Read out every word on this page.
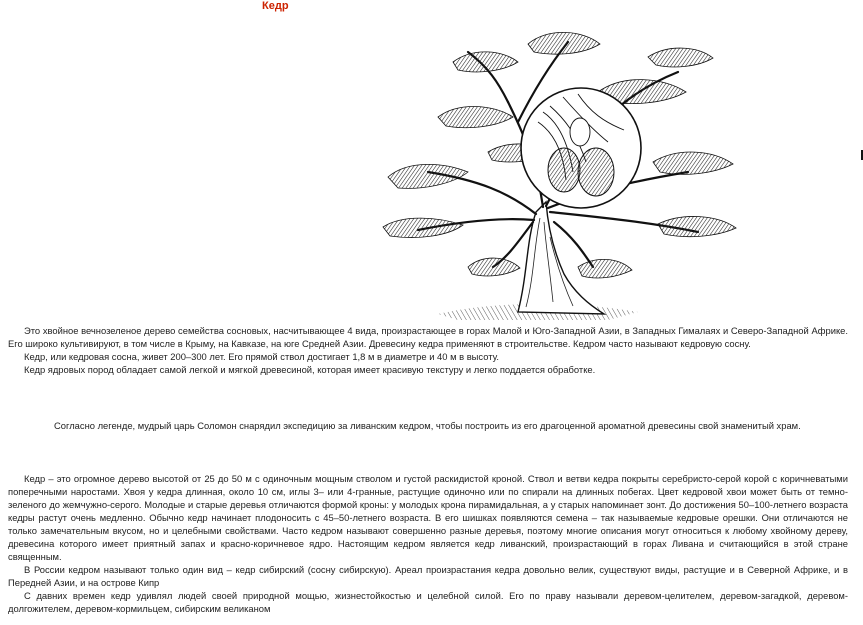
Кедр

Это хвойное вечнозеленое дерево семейства сосновых, насчитывающее 4 вида, произрастающее в горах Малой и Юго-Западной Азии, в Западных Гималаях и Северо-Западной Африке. Его широко культивируют, в том числе в Крыму, на Кавказе, на юге Средней Азии. Древесину кедра применяют в строительстве. Кедром часто называют кедровую сосну.

Кедр, или кедровая сосна, живет 200–300 лет. Его прямой ствол достигает 1,8 м в диаметре и 40 м в высоту.

Кедр ядровых пород обладает самой легкой и мягкой древесиной, которая имеет красивую текстуру и легко поддается обработке.

Согласно легенде, мудрый царь Соломон снарядил экспедицию за ливанским кедром, чтобы построить из его драгоценной ароматной древесины свой знаменитый храм.

Кедр – это огромное дерево высотой от 25 до 50 м с одиночным мощным стволом и густой раскидистой кроной. Ствол и ветви кедра покрыты серебристо-серой корой с коричневатыми поперечными наростами. Хвоя у кедра длинная, около 10 см, иглы 3– или 4-гранные, растущие одиночно или по спирали на длинных побегах. Цвет кедровой хвои может быть от темно-зеленого до жемчужно-серого. Молодые и старые деревья отличаются формой кроны: у молодых крона пирамидальная, а у старых напоминает зонт. До достижения 50–100-летнего возраста кедры растут очень медленно. Обычно кедр начинает плодоносить с 45–50-летнего возраста. В его шишках появляются семена – так называемые кедровые орешки. Они отличаются не только замечательным вкусом, но и целебными свойствами. Часто кедром называют совершенно разные деревья, поэтому многие описания могут относиться к любому хвойному дереву, древесина которого имеет приятный запах и красно-коричневое ядро. Настоящим кедром является кедр ливанский, произрастающий в горах Ливана и считающийся в этой стране священным.

В России кедром называют только один вид – кедр сибирский (сосну сибирскую). Ареал произрастания кедра довольно велик, существуют виды, растущие и в Северной Африке, и в Передней Азии, и на острове Кипр

С давних времен кедр удивлял людей своей природной мощью, жизнестойкостью и целебной силой. Его по праву называли деревом-целителем, деревом-загадкой, деревом-долгожителем, деревом-кормильцем, сибирским великаном
